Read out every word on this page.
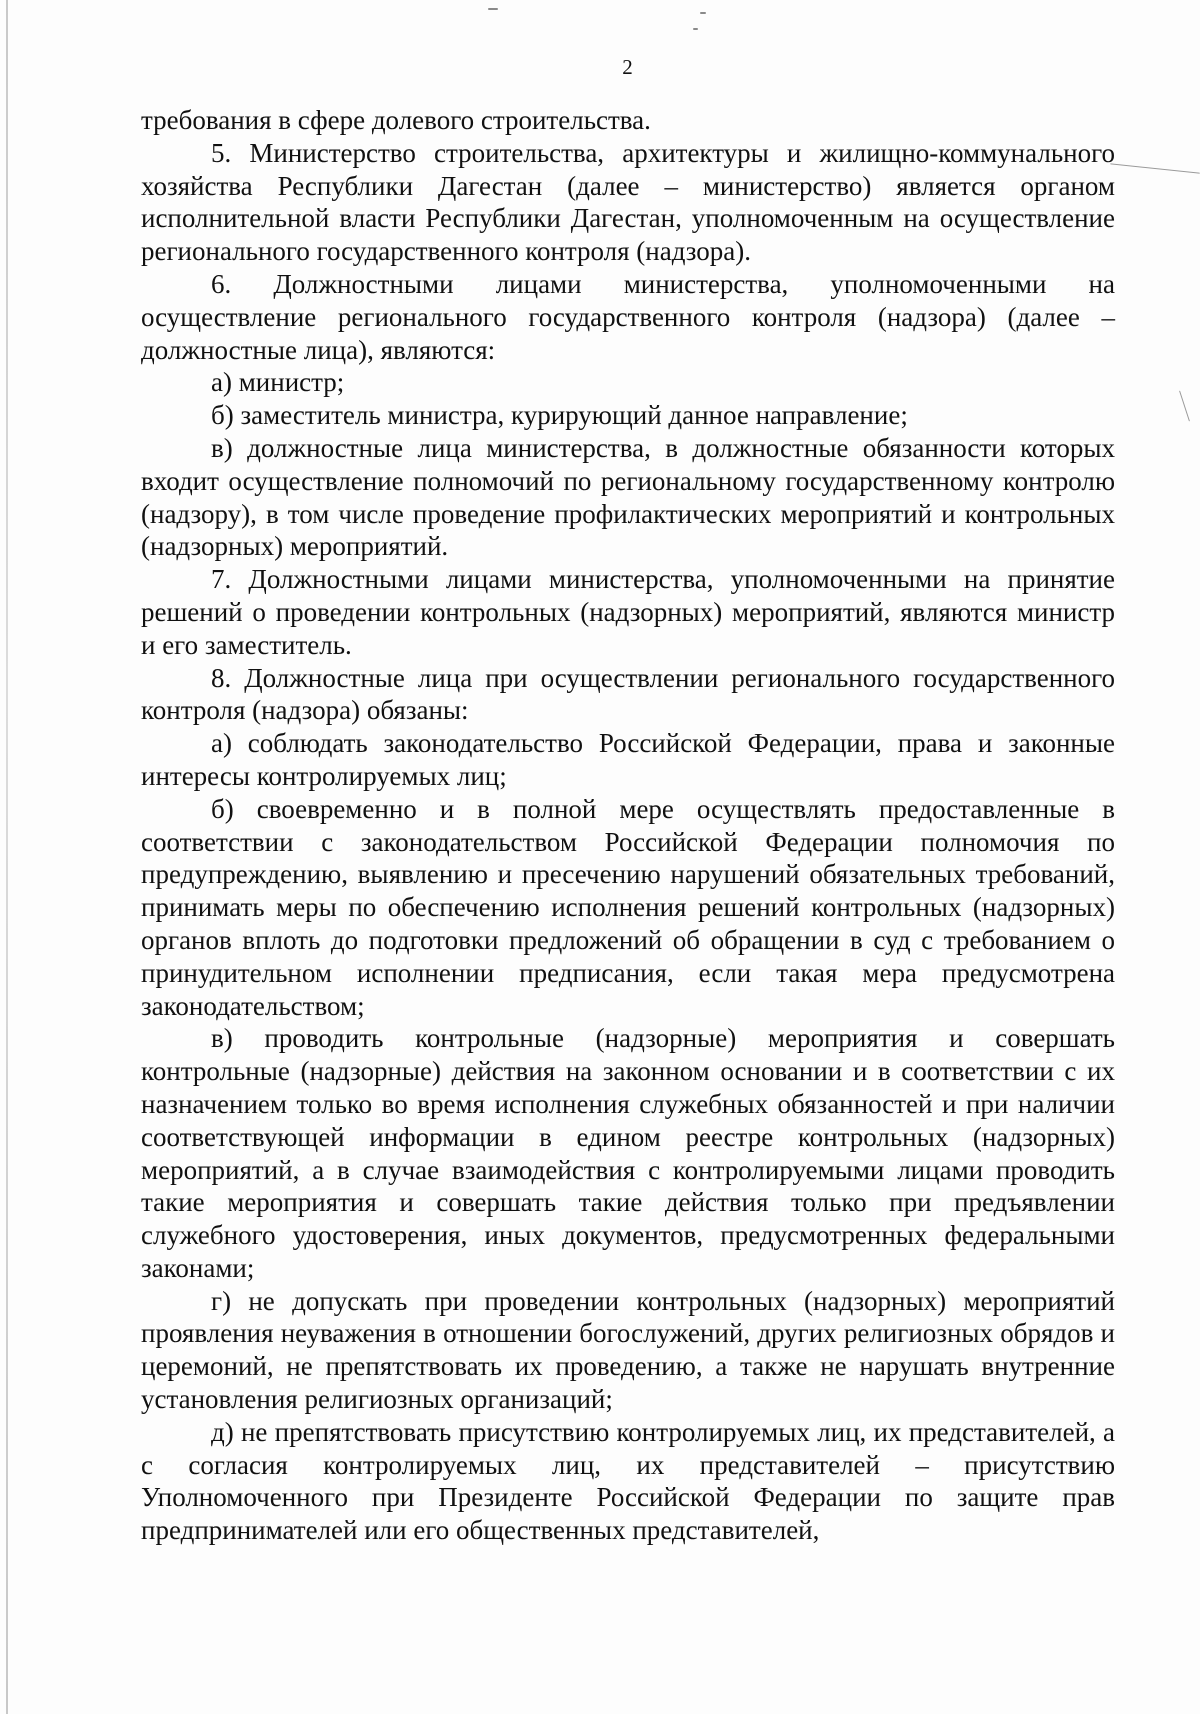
2

требования в сфере долевого строительства.

5. Министерство строительства, архитектуры и жилищно-коммунального хозяйства Республики Дагестан (далее – министерство) является органом исполнительной власти Республики Дагестан, уполномоченным на осуществление регионального государственного контроля (надзора).

6. Должностными лицами министерства, уполномоченными на осуществление регионального государственного контроля (надзора) (далее – должностные лица), являются:

а) министр;

б) заместитель министра, курирующий данное направление;

в) должностные лица министерства, в должностные обязанности которых входит осуществление полномочий по региональному государственному контролю (надзору), в том числе проведение профилактических мероприятий и контрольных (надзорных) мероприятий.

7. Должностными лицами министерства, уполномоченными на принятие решений о проведении контрольных (надзорных) мероприятий, являются министр и его заместитель.

8. Должностные лица при осуществлении регионального государственного контроля (надзора) обязаны:

а) соблюдать законодательство Российской Федерации, права и законные интересы контролируемых лиц;

б) своевременно и в полной мере осуществлять предоставленные в соответствии с законодательством Российской Федерации полномочия по предупреждению, выявлению и пресечению нарушений обязательных требований, принимать меры по обеспечению исполнения решений контрольных (надзорных) органов вплоть до подготовки предложений об обращении в суд с требованием о принудительном исполнении предписания, если такая мера предусмотрена законодательством;

в) проводить контрольные (надзорные) мероприятия и совершать контрольные (надзорные) действия на законном основании и в соответствии с их назначением только во время исполнения служебных обязанностей и при наличии соответствующей информации в едином реестре контрольных (надзорных) мероприятий, а в случае взаимодействия с контролируемыми лицами проводить такие мероприятия и совершать такие действия только при предъявлении служебного удостоверения, иных документов, предусмотренных федеральными законами;

г) не допускать при проведении контрольных (надзорных) мероприятий проявления неуважения в отношении богослужений, других религиозных обрядов и церемоний, не препятствовать их проведению, а также не нарушать внутренние установления религиозных организаций;

д) не препятствовать присутствию контролируемых лиц, их представителей, а с согласия контролируемых лиц, их представителей – присутствию Уполномоченного при Президенте Российской Федерации по защите прав предпринимателей или его общественных представителей,
